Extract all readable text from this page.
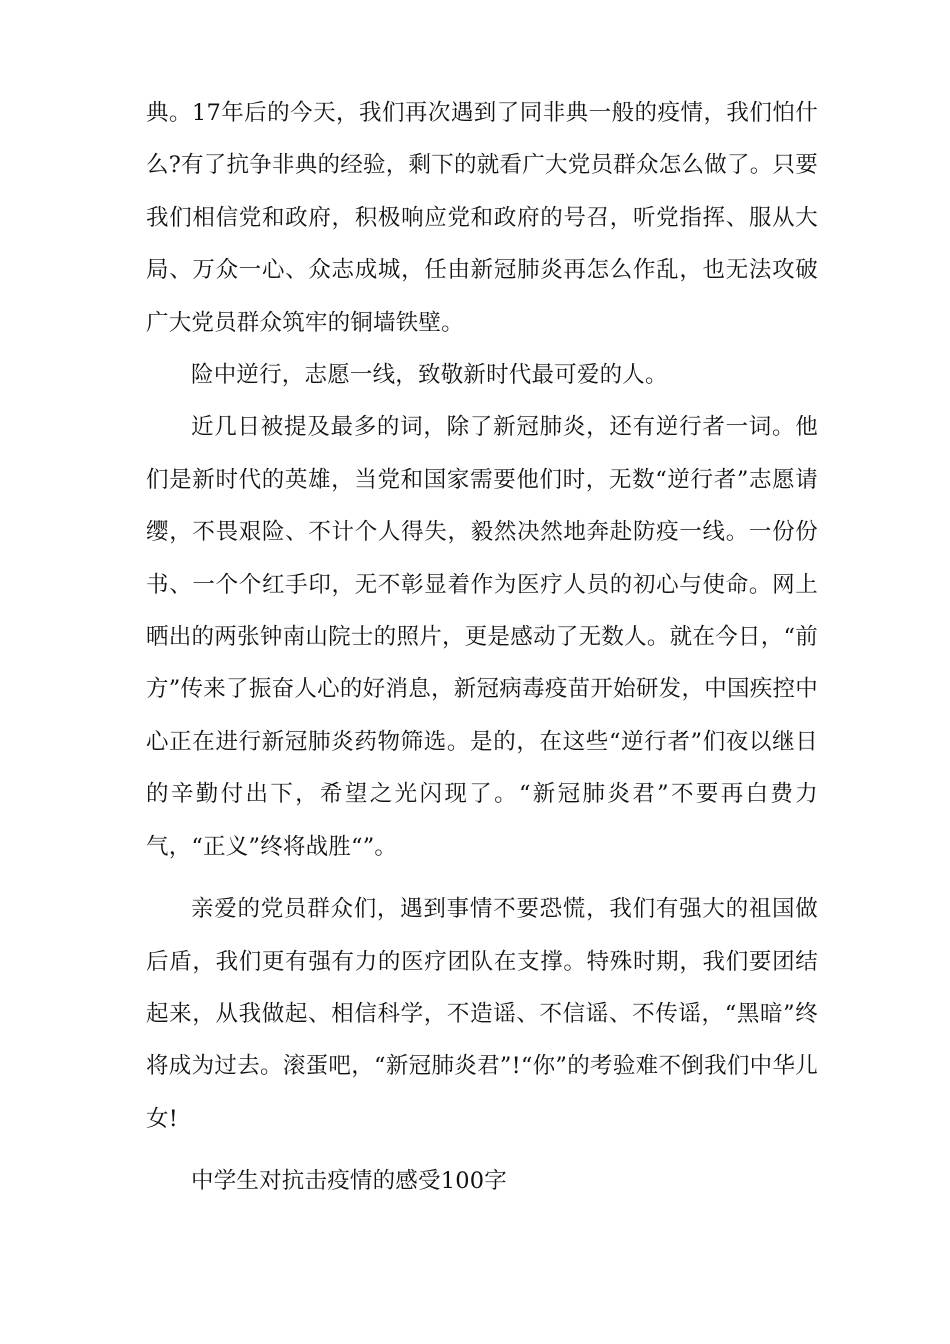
典。17年后的今天，我们再次遇到了同非典一般的疫情，我们怕什么?有了抗争非典的经验，剩下的就看广大党员群众怎么做了。只要我们相信党和政府，积极响应党和政府的号召，听党指挥、服从大局、万众一心、众志成城，任由新冠肺炎再怎么作乱，也无法攻破广大党员群众筑牢的铜墙铁壁。

险中逆行，志愿一线，致敬新时代最可爱的人。

近几日被提及最多的词，除了新冠肺炎，还有逆行者一词。他们是新时代的英雄，当党和国家需要他们时，无数“逆行者”志愿请缨，不畏艰险、不计个人得失，毅然决然地奔赴防疫一线。一份份书、一个个红手印，无不彰显着作为医疗人员的初心与使命。网上晒出的两张钟南山院士的照片，更是感动了无数人。就在今日，“前方”传来了振奋人心的好消息，新冠病毒疫苗开始研发，中国疾控中心正在进行新冠肺炎药物筛选。是的，在这些“逆行者”们夜以继日的辛勤付出下，希望之光闪现了。“新冠肺炎君”不要再白费力气，“正义”终将战胜“”。

亲爱的党员群众们，遇到事情不要恐慌，我们有强大的祖国做后盾，我们更有强有力的医疗团队在支撑。特殊时期，我们要团结起来，从我做起、相信科学，不造谣、不信谣、不传谣，“黑暗”终将成为过去。滚蛋吧，“新冠肺炎君”!“你”的考验难不倒我们中华儿女!

中学生对抗击疫情的感受100字
